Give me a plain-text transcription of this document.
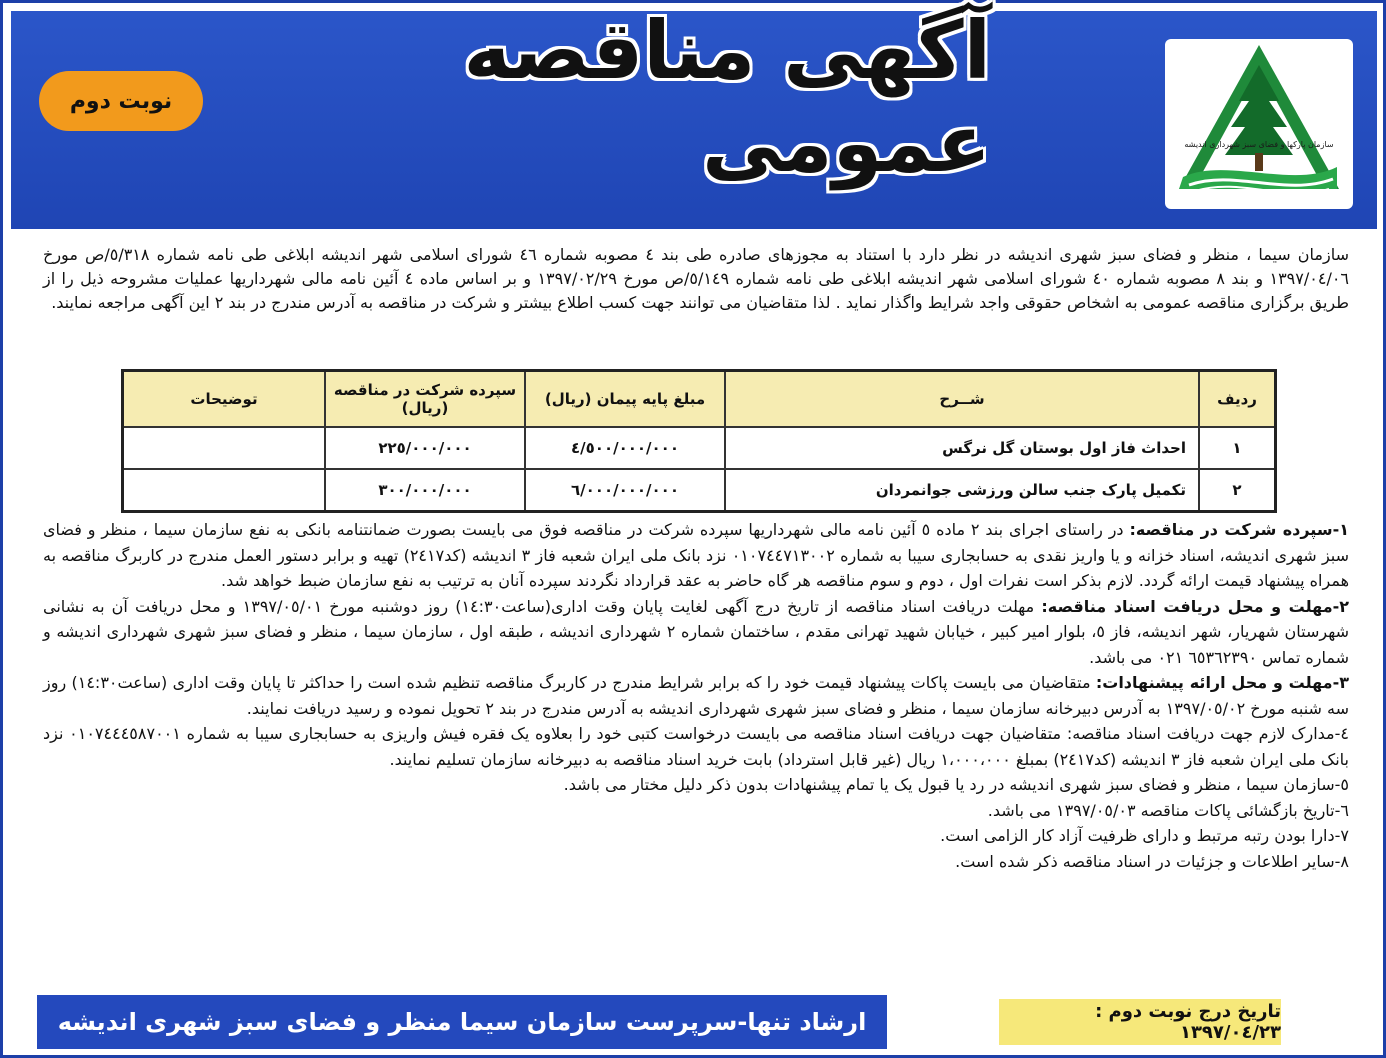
نوبت دوم
آگهی مناقصه عمومی	سازمان پارکها و فضای سبز شهرداری اندیشه
سازمان سیما ، منظر و فضای سبز شهری اندیشه در نظر دارد با استناد به مجوزهای صادره طی بند ٤ مصوبه شماره ٤٦ شورای اسلامی شهر اندیشه ابلاغی طی نامه شماره ٥/٣١٨/ص مورخ ١٣٩٧/٠٤/٠٦ و بند ٨ مصوبه شماره ٤٠ شورای اسلامی شهر اندیشه ابلاغی طی نامه شماره ٥/١٤٩/ص مورخ ١٣٩٧/٠٢/٢٩ و بر اساس ماده ٤ آئین نامه مالی شهرداریها عملیات مشروحه ذیل را از طریق برگزاری مناقصه عمومی به اشخاص حقوقی واجد شرایط واگذار نماید . لذا متقاضیان می توانند جهت کسب اطلاع بیشتر و شرکت در مناقصه به آدرس مندرج در بند ٢ این آگهی مراجعه نمایند.
ردیف	شــرح	مبلغ پایه پیمان (ریال)	سپرده شرکت در مناقصه (ریال)	توضیحات
١	احداث فاز اول بوستان گل نرگس	٤/٥٠٠/٠٠٠/٠٠٠	٢٢٥/٠٠٠/٠٠٠	
٢	تکمیل پارک جنب سالن ورزشی جوانمردان	٦/٠٠٠/٠٠٠/٠٠٠	٣٠٠/٠٠٠/٠٠٠	

١-سپرده شرکت در مناقصه: در راستای اجرای بند ٢ ماده ٥ آئین نامه مالی شهرداریها سپرده شرکت در مناقصه فوق می بایست بصورت ضمانتنامه بانکی به نفع سازمان سیما ، منظر و فضای سبز شهری اندیشه، اسناد خزانه و یا واریز نقدی به حسابجاری سیبا به شماره ٠١٠٧٤٤٧١٣٠٠٢ نزد بانک ملی ایران شعبه فاز ٣ اندیشه (کد٢٤١٧) تهیه و برابر دستور العمل مندرج در کاربرگ مناقصه به همراه پیشنهاد قیمت ارائه گردد. لازم بذکر است نفرات اول ، دوم و سوم مناقصه هر گاه حاضر به عقد قرارداد نگردند سپرده آنان به ترتیب به نفع سازمان ضبط خواهد شد.

٢-مهلت و محل دریافت اسناد مناقصه: مهلت دریافت اسناد مناقصه از تاریخ درج آگهی لغایت پایان وقت اداری(ساعت١٤:٣٠) روز دوشنبه مورخ ١٣٩٧/٠٥/٠١ و محل دریافت آن به نشانی شهرستان شهریار، شهر اندیشه، فاز ٥، بلوار امیر کبیر ، خیابان شهید تهرانی مقدم ، ساختمان شماره ٢ شهرداری اندیشه ، طبقه اول ، سازمان سیما ، منظر و فضای سبز شهری شهرداری اندیشه و شماره تماس ٦٥٣٦٢٣٩٠ ٠٢١ می باشد.

٣-مهلت و محل ارائه پیشنهادات: متقاضیان می بایست پاکات پیشنهاد قیمت خود را که برابر شرایط مندرج در کاربرگ مناقصه تنظیم شده است را حداکثر تا پایان وقت اداری (ساعت١٤:٣٠) روز سه شنبه مورخ ١٣٩٧/٠٥/٠٢ به آدرس دبیرخانه سازمان سیما ، منظر و فضای سبز شهری شهرداری اندیشه به آدرس مندرج در بند ٢ تحویل نموده و رسید دریافت نمایند.

٤-مدارک لازم جهت دریافت اسناد مناقصه: متقاضیان جهت دریافت اسناد مناقصه می بایست درخواست کتبی خود را بعلاوه یک فقره فیش واریزی به حسابجاری سیبا به شماره ٠١٠٧٤٤٤٥٨٧٠٠١ نزد بانک ملی ایران شعبه فاز ٣ اندیشه (کد٢٤١٧) بمبلغ ١،٠٠٠،٠٠٠ ریال (غیر قابل استرداد) بابت خرید اسناد مناقصه به دبیرخانه سازمان تسلیم نمایند.

٥-سازمان سیما ، منظر و فضای سبز شهری اندیشه در رد یا قبول یک یا تمام پیشنهادات بدون ذکر دلیل مختار می باشد.

٦-تاریخ بازگشائی پاکات مناقصه ١٣٩٧/٠٥/٠٣ می باشد.

٧-دارا بودن رتبه مرتبط و دارای ظرفیت آزاد کار الزامی است.

٨-سایر اطلاعات و جزئیات در اسناد مناقصه ذکر شده است.

ارشاد تنها-سرپرست سازمان سیما منظر و فضای سبز شهری اندیشه	تاریخ درج نوبت دوم : ١٣٩٧/٠٤/٢٣
